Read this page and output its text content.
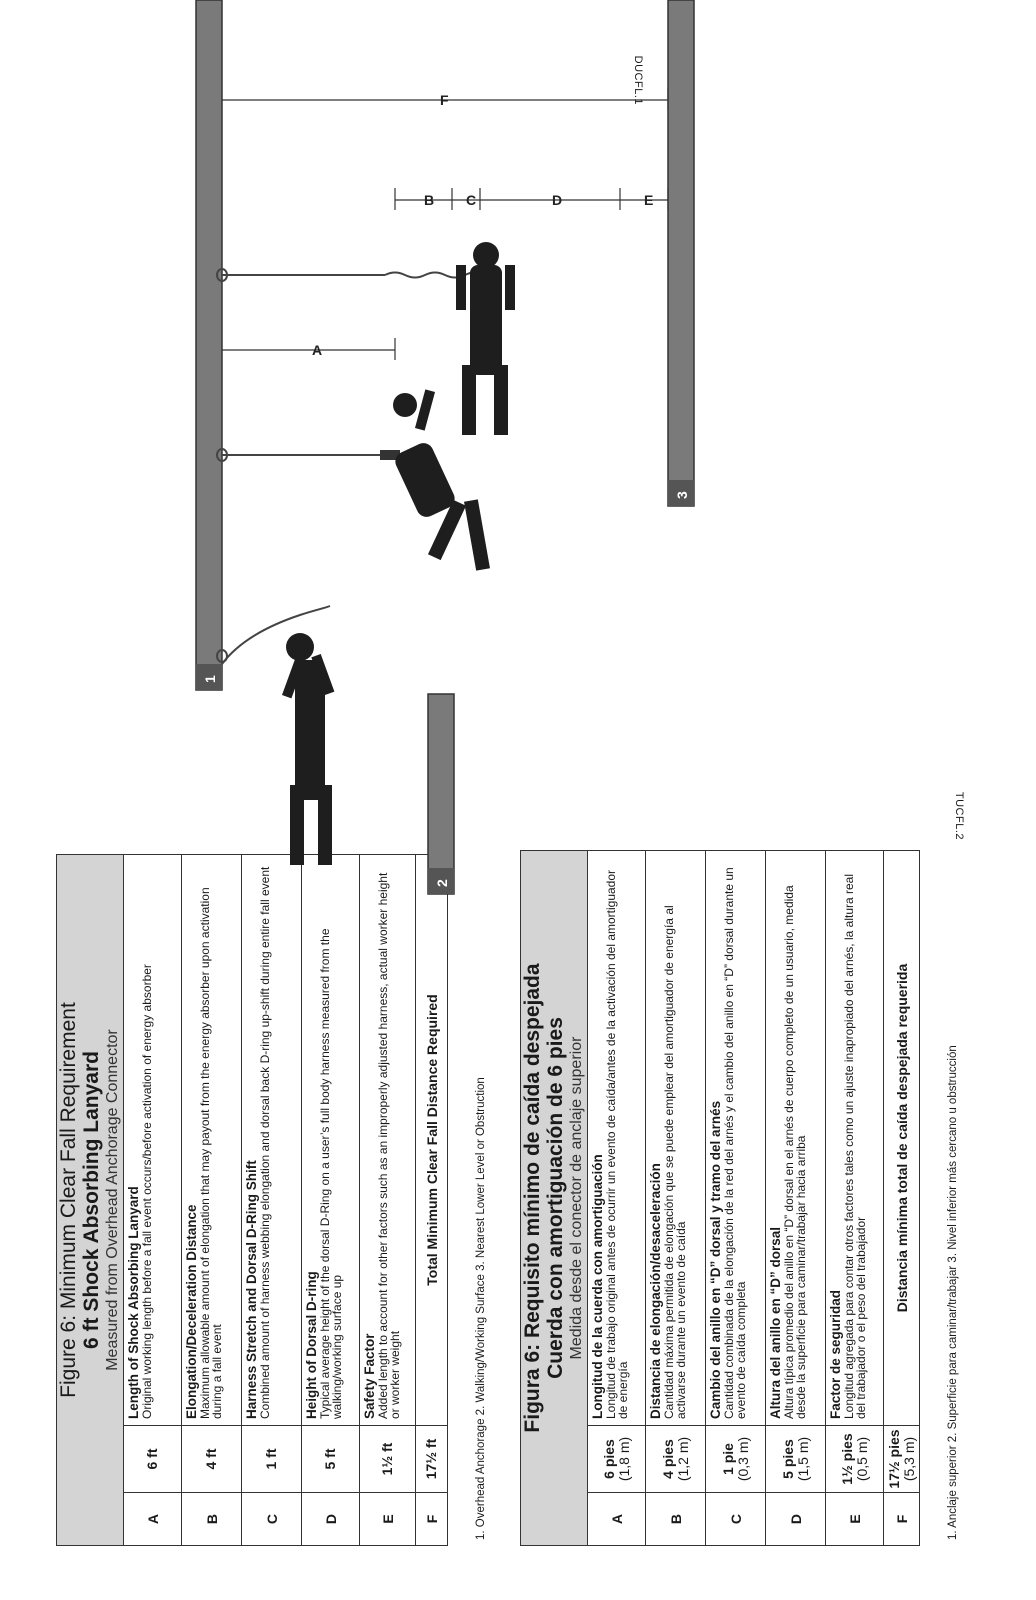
Figure 6: Minimum Clear Fall Requirement 6 ft Shock Absorbing Lanyard Measured from Overhead Anchorage Connector		

A	6 ft	Length of Shock Absorbing Lanyard Original working length before a fall event occurs/before activation of energy absorber

B	4 ft	Elongation/Deceleration Distance Maximum allowable amount of elongation that may payout from the energy absorber upon activation during a fall event

C	1 ft	Harness Stretch and Dorsal D-Ring Shift Combined amount of harness webbing elongation and dorsal back D-ring up-shift during entire fall event

D	5 ft	Height of Dorsal D-ring Typical average height of the dorsal D-Ring on a user’s full body harness measured from the walking/working surface up

E	1½ ft	Safety Factor Added length to account for other factors such as an improperly adjusted harness, actual worker height or worker weight

F	17½ ft	Total Minimum Clear Fall Distance Required	1. Overhead Anchorage 2. Walking/Working Surface 3. Nearest Lower Level or Obstruction Figura 6: Requisito mínimo de caída despejada Cuerda con amortiguación de 6 pies Medida desde el conector de anclaje superior		

A	6 pies (1,8 m)	Longitud de la cuerda con amortiguación Longitud de trabajo original antes de ocurrir un evento de caída/antes de la activación del amortiguador de energía

B	4 pies (1,2 m)	Distancia de elongación/desaceleración Cantidad máxima permitida de elongación que se puede emplear del amortiguador de energía al activarse durante un evento de caída

C	1 pie (0,3 m)	Cambio del anillo en “D” dorsal y tramo del arnés Cantidad combinada de la elongación de la red del arnés y el cambio del anillo en “D” dorsal durante un evento de caída completa

D	5 pies (1,5 m)	Altura del anillo en “D” dorsal Altura típica promedio del anillo en “D” dorsal en el arnés de cuerpo completo de un usuario, medida desde la superficie para caminar/trabajar hacia arriba

E	1½ pies (0,5 m)	Factor de seguridad Longitud agregada para contar otros factores tales como un ajuste inapropiado del arnés, la altura real del trabajador o el peso del trabajador

F	17½ pies (5,3 m)	Distancia mínima total de caída despejada requerida	1. Anclaje superior 2. Superficie para caminar/trabajar 3. Nivel inferior más cercano u obstrucción
TUCFL.2
1
2
3
A
B C	D	E
F	DUCFL.1
